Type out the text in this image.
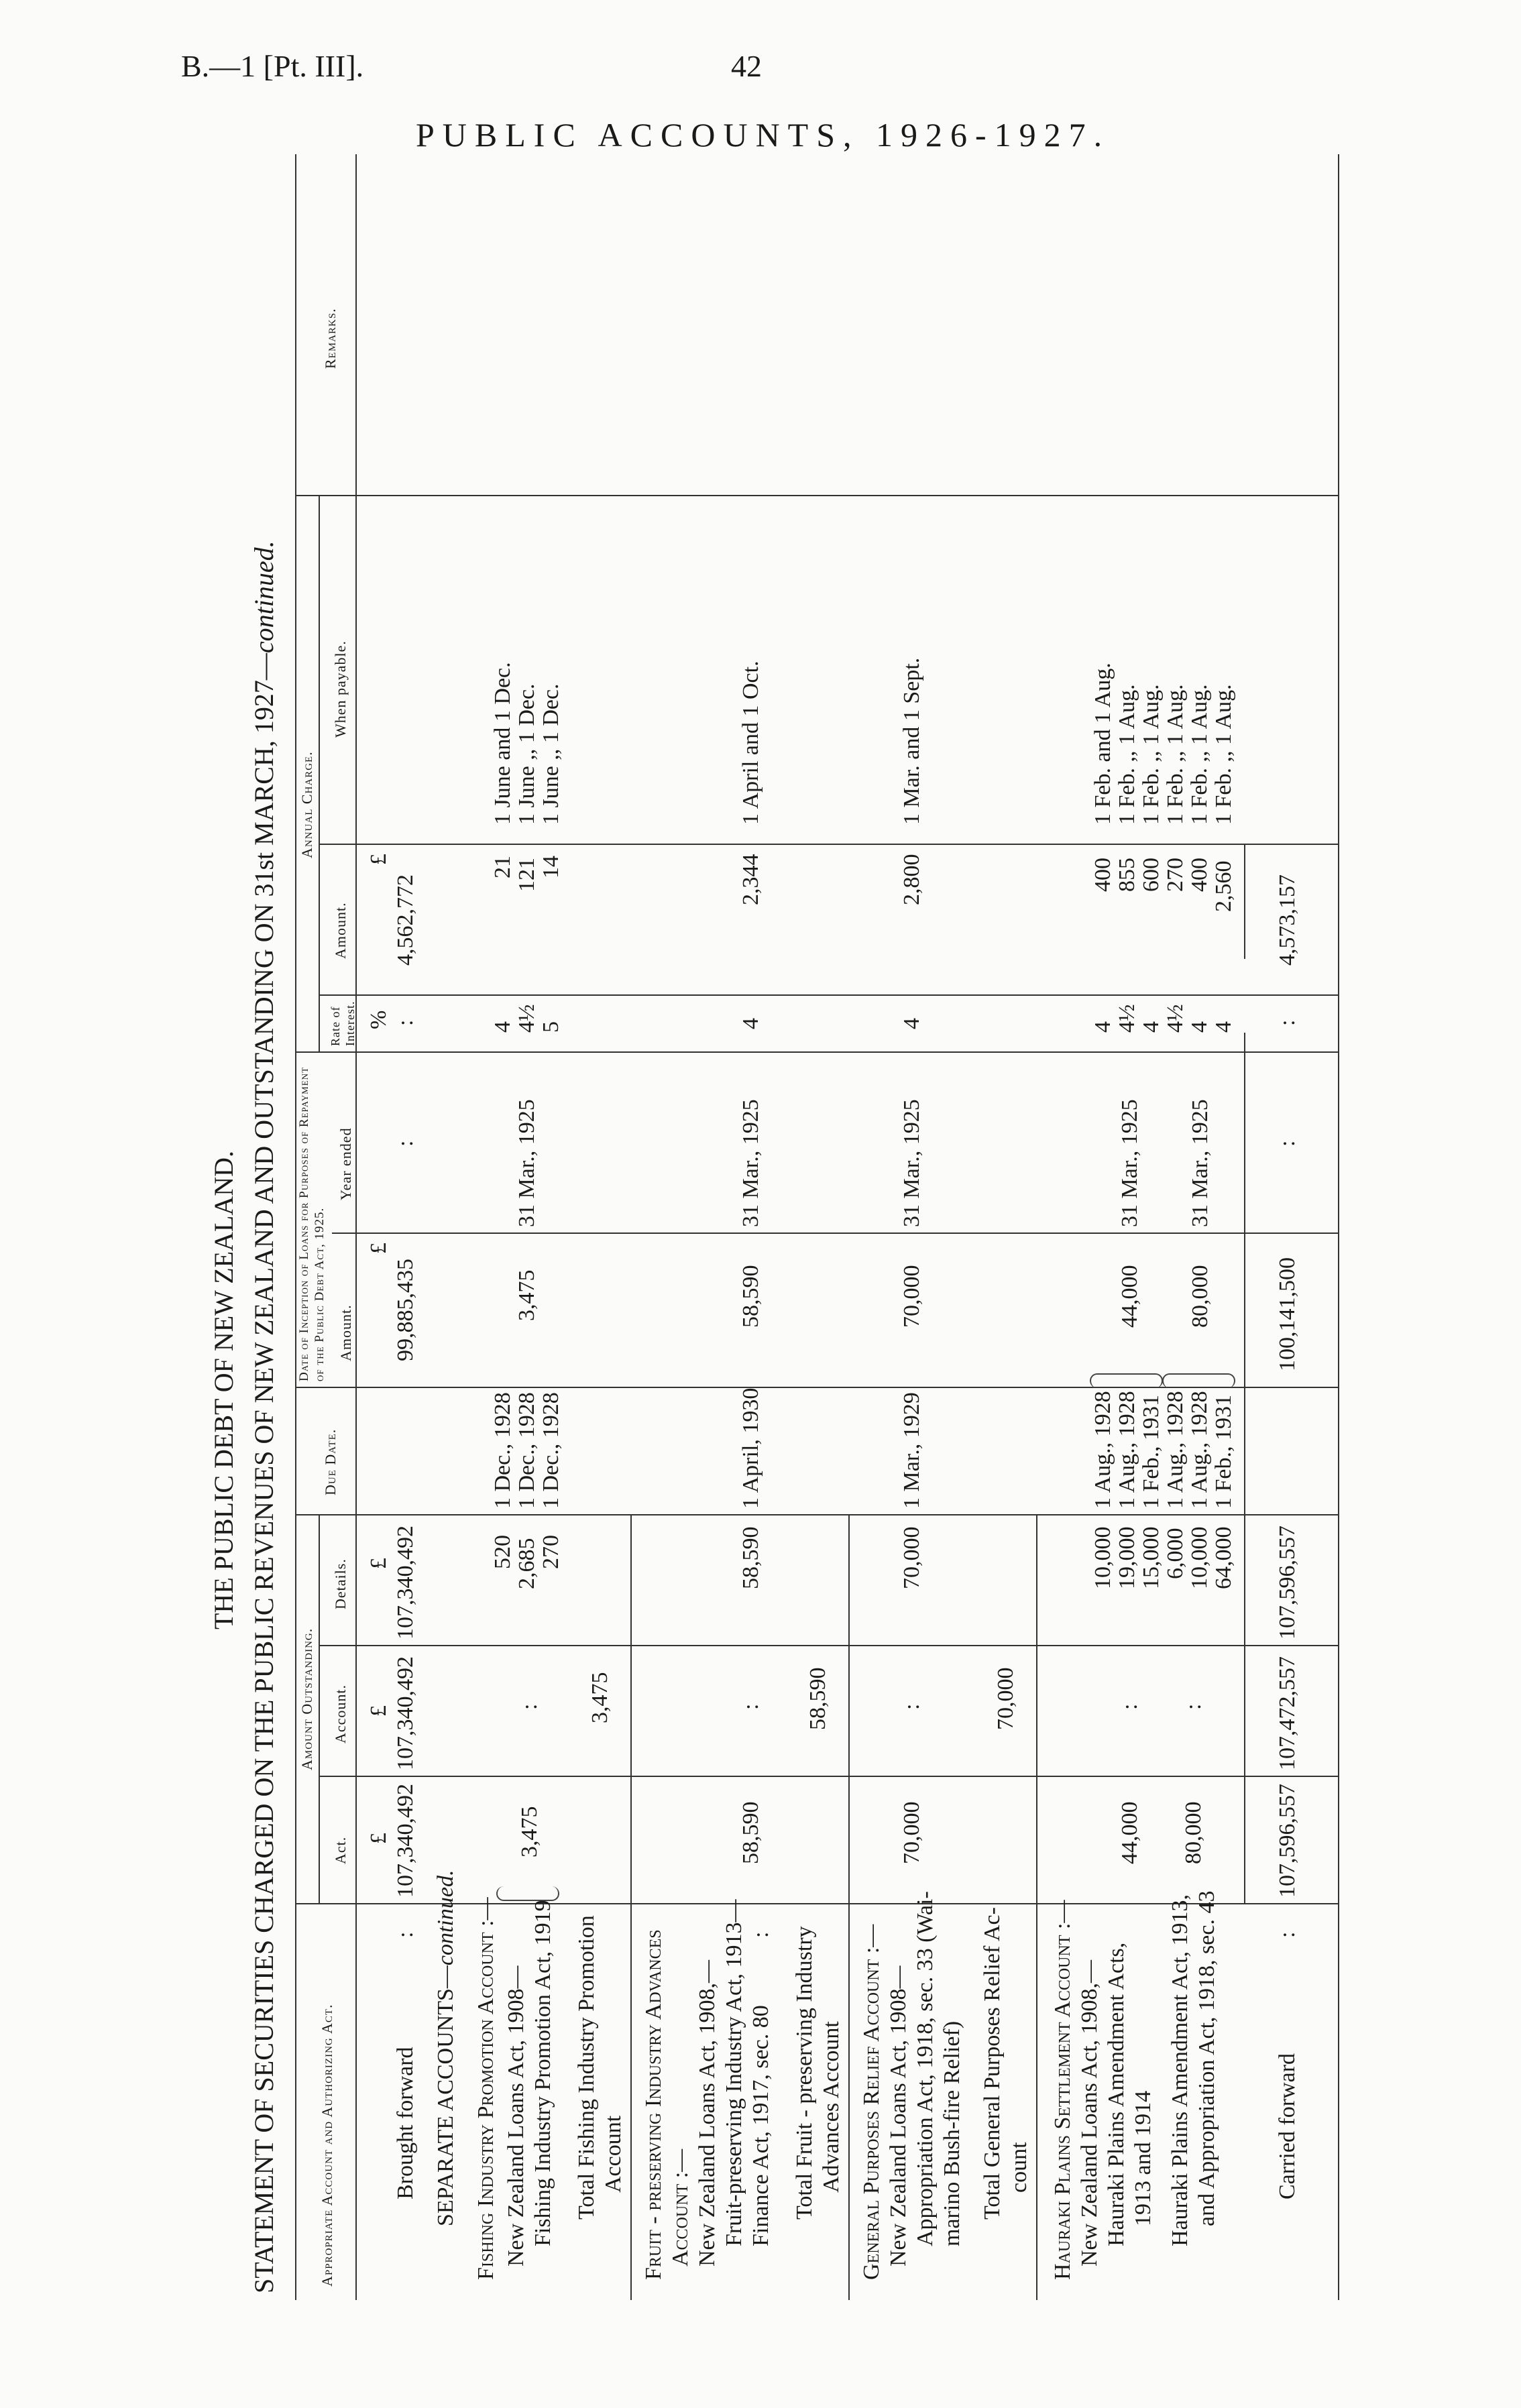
B.—1 [Pt. III].	42
PUBLIC ACCOUNTS, 1926-1927.
THE PUBLIC DEBT OF NEW ZEALAND. STATEMENT OF SECURITIES CHARGED ON THE PUBLIC REVENUES OF NEW ZEALAND AND OUTSTANDING ON 31st MARCH, 1927—continued.
Appropriate Account and Authorizing Act.
Amount Outstanding.
Act.
Account.
Details.
Due Date.
Date of Inception of Loans for Purposes of Repayment of the Public Debt Act, 1925. Amount.
Year ended
Annual Charge.
Rate of Interest.
Amount.
When payable.
Remarks.
£
£
£
£
%
£
Brought forward
:
107,340,492
107,340,492
107,340,492
99,885,435
:
:
4,562,772
SEPARATE ACCOUNTS—continued. Fishing Industry Promotion Account :— New Zealand Loans Act, 1908— Fishing Industry Promotion Act, 1919
3,475
:
520 2,685 270
1 Dec., 1928 1 Dec., 1928 1 Dec., 1928
3,475
31 Mar., 1925
4 4½ 5
21 121 14
1 June and 1 Dec. 1 June ,, 1 Dec. 1 June ,, 1 Dec.
Total Fishing Industry Promotion Account
3,475
Fruit - preserving Industry Advances Account :— New Zealand Loans Act, 1908,— Fruit-preserving Industry Act, 1913— Finance Act, 1917, sec. 80
:
58,590
:
58,590
1 April, 1930
58,590
31 Mar., 1925
4
2,344
1 April and 1 Oct.
Total Fruit - preserving Industry Advances Account
58,590
General Purposes Relief Account :— New Zealand Loans Act, 1908— Appropriation Act, 1918, sec. 33 (Wai- marino Bush-fire Relief)
70,000
:
70,000
1 Mar., 1929
70,000
31 Mar., 1925
4
2,800
1 Mar. and 1 Sept.
Total General Purposes Relief Ac- count
70,000
Hauraki Plains Settlement Account :— New Zealand Loans Act, 1908,— Hauraki Plains Amendment Acts, 1913 and 1914 Hauraki Plains Amendment Act, 1913, and Appropriation Act, 1918, sec. 43
44,000 80,000
: :
10,000 19,000 15,000 6,000 10,000 64,000
1 Aug., 1928 1 Aug., 1928 1 Feb., 1931 1 Aug., 1928 1 Aug., 1928 1 Feb., 1931
44,000 80,000
31 Mar., 1925 31 Mar., 1925
4 4½ 4 4½ 4 4
400 855 600 270 400 2,560
1 Feb. and 1 Aug. 1 Feb. ,, 1 Aug. 1 Feb. ,, 1 Aug. 1 Feb. ,, 1 Aug. 1 Feb. ,, 1 Aug. 1 Feb. ,, 1 Aug.
Carried forward
:
107,596,557
107,472,557
107,596,557
100,141,500
:
:
4,573,157
